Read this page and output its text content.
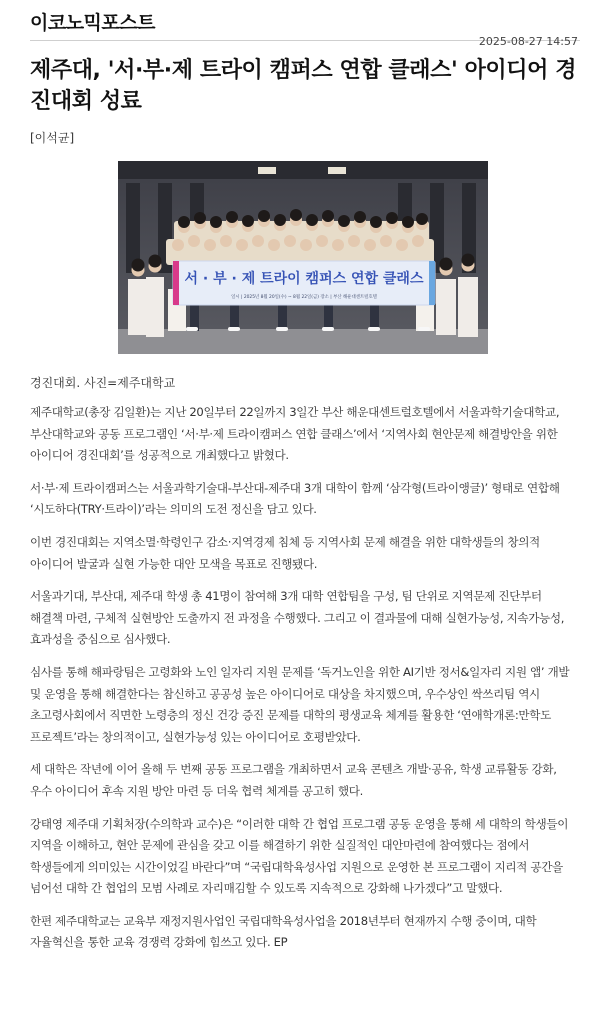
이코노믹포스트
2025-08-27 14:57
제주대, '서·부·제 트라이 캠퍼스 연합 클래스' 아이디어 경진대회 성료
[이석균]
서 · 부 · 제 트라이 캠퍼스 연합 클래스
일시 | 2025년 8월 20일(수) ~ 8월 22일(금) 장소 | 부산 해운대센트럴호텔
경진대회. 사진=제주대학교

제주대학교(총장 김일환)는 지난 20일부터 22일까지 3일간 부산 해운대센트럴호텔에서 서울과학기술대학교, 부산대학교와 공동 프로그램인 ‘서·부·제 트라이캠퍼스 연합 클래스’에서 ‘지역사회 현안문제 해결방안을 위한 아이디어 경진대회’를 성공적으로 개최했다고 밝혔다.

서·부·제 트라이캠퍼스는 서울과학기술대-부산대-제주대 3개 대학이 함께 ‘삼각형(트라이앵글)’ 형태로 연합해 ‘시도하다(TRY·트라이)’라는 의미의 도전 정신을 담고 있다.

이번 경진대회는 지역소멸·학령인구 감소·지역경제 침체 등 지역사회 문제 해결을 위한 대학생들의 창의적 아이디어 발굴과 실현 가능한 대안 모색을 목표로 진행됐다.

서울과기대, 부산대, 제주대 학생 총 41명이 참여해 3개 대학 연합팀을 구성, 팀 단위로 지역문제 진단부터 해결책 마련, 구체적 실현방안 도출까지 전 과정을 수행했다. 그리고 이 결과물에 대해 실현가능성, 지속가능성, 효과성을 중심으로 심사했다.

심사를 통해 해파랑팀은 고령화와 노인 일자리 지원 문제를 ‘독거노인을 위한 AI기반 정서&일자리 지원 앱’ 개발 및 운영을 통해 해결한다는 참신하고 공공성 높은 아이디어로 대상을 차지했으며, 우수상인 싹쓰리팀 역시 초고령사회에서 직면한 노령층의 정신 건강 증진 문제를 대학의 평생교육 체계를 활용한 ‘연애학개론:만학도 프로젝트’라는 창의적이고, 실현가능성 있는 아이디어로 호평받았다.

세 대학은 작년에 이어 올해 두 번째 공동 프로그램을 개최하면서 교육 콘텐츠 개발·공유, 학생 교류활동 강화, 우수 아이디어 후속 지원 방안 마련 등 더욱 협력 체계를 공고히 했다.

강태영 제주대 기획처장(수의학과 교수)은 “이러한 대학 간 협업 프로그램 공동 운영을 통해 세 대학의 학생들이 지역을 이해하고, 현안 문제에 관심을 갖고 이를 해결하기 위한 실질적인 대안마련에 참여했다는 점에서 학생들에게 의미있는 시간이었길 바란다”며 “국립대학육성사업 지원으로 운영한 본 프로그램이 지리적 공간을 넘어선 대학 간 협업의 모범 사례로 자리매김할 수 있도록 지속적으로 강화해 나가겠다”고 말했다.

한편 제주대학교는 교육부 재정지원사업인 국립대학육성사업을 2018년부터 현재까지 수행 중이며, 대학 자율혁신을 통한 교육 경쟁력 강화에 힘쓰고 있다. EP
